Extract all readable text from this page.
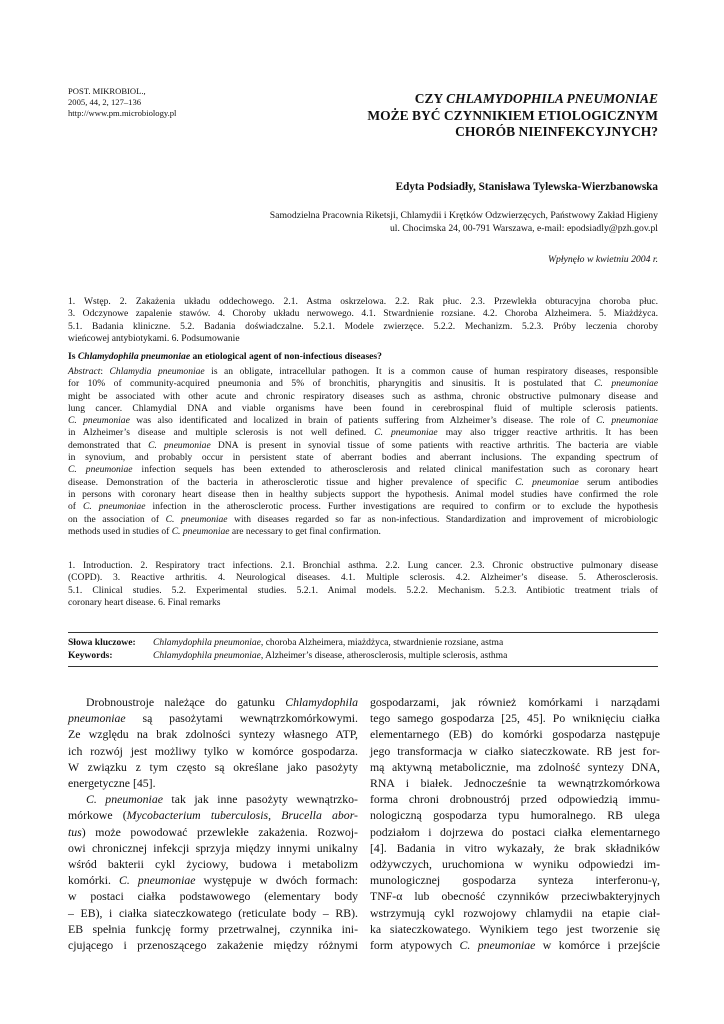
POST. MIKROBIOL.,
2005, 44, 2, 127–136
http://www.pm.microbiology.pl
CZY CHLAMYDOPHILA PNEUMONIAE
MOŻE BYĆ CZYNNIKIEM ETIOLOGICZNYM
CHORÓB NIEINFEKCYJNYCH?
Edyta Podsiadły, Stanisława Tylewska-Wierzbanowska
Samodzielna Pracownia Riketsji, Chlamydii i Krętków Odzwierzęcych, Państwowy Zakład Higieny
ul. Chocimska 24, 00-791 Warszawa, e-mail: epodsiadly@pzh.gov.pl
Wpłynęło w kwietniu 2004 r.
1. Wstęp. 2. Zakażenia układu oddechowego. 2.1. Astma oskrzelowa. 2.2. Rak płuc. 2.3. Przewlekła obturacyjna choroba płuc.
3. Odczynowe zapalenie stawów. 4. Choroby układu nerwowego. 4.1. Stwardnienie rozsiane. 4.2. Choroba Alzheimera. 5. Miażdżyca.
5.1. Badania kliniczne. 5.2. Badania doświadczalne. 5.2.1. Modele zwierzęce. 5.2.2. Mechanizm. 5.2.3. Próby leczenia choroby
wieńcowej antybiotykami. 6. Podsumowanie
Is Chlamydophila pneumoniae an etiological agent of non-infectious diseases?
Abstract: Chlamydia pneumoniae is an obligate, intracellular pathogen. It is a common cause of human respiratory diseases, responsible
for 10% of community-acquired pneumonia and 5% of bronchitis, pharyngitis and sinusitis. It is postulated that C. pneumoniae
might be associated with other acute and chronic respiratory diseases such as asthma, chronic obstructive pulmonary disease and
lung cancer. Chlamydial DNA and viable organisms have been found in cerebrospinal fluid of multiple sclerosis patients.
C. pneumoniae was also identificated and localized in brain of patients suffering from Alzheimer’s disease. The role of C. pneumoniae
in Alzheimer’s disease and multiple sclerosis is not well defined. C. pneumoniae may also trigger reactive arthritis. It has been
demonstrated that C. pneumoniae DNA is present in synovial tissue of some patients with reactive arthritis. The bacteria are viable
in synovium, and probably occur in persistent state of aberrant bodies and aberrant inclusions. The expanding spectrum of
C. pneumoniae infection sequels has been extended to atherosclerosis and related clinical manifestation such as coronary heart
disease. Demonstration of the bacteria in atherosclerotic tissue and higher prevalence of specific C. pneumoniae serum antibodies
in persons with coronary heart disease then in healthy subjects support the hypothesis. Animal model studies have confirmed the role
of C. pneumoniae infection in the atherosclerotic process. Further investigations are required to confirm or to exclude the hypothesis
on the association of C. pneumoniae with diseases regarded so far as non-infectious. Standardization and improvement of microbiologic
methods used in studies of C. pneumoniae are necessary to get final confirmation.
1. Introduction. 2. Respiratory tract infections. 2.1. Bronchial asthma. 2.2. Lung cancer. 2.3. Chronic obstructive pulmonary disease
(COPD). 3. Reactive arthritis. 4. Neurological diseases. 4.1. Multiple sclerosis. 4.2. Alzheimer’s disease. 5. Atherosclerosis.
5.1. Clinical studies. 5.2. Experimental studies. 5.2.1. Animal models. 5.2.2. Mechanism. 5.2.3. Antibiotic treatment trials of
coronary heart disease. 6. Final remarks
Słowa kluczowe: Chlamydophila pneumoniae, choroba Alzheimera, miażdżyca, stwardnienie rozsiane, astma
Keywords:	Chlamydophila pneumoniae, Alzheimer’s disease, atherosclerosis, multiple sclerosis, asthma
Drobnoustroje należące do gatunku Chlamydophila
pneumoniae są pasożytami wewnątrzkomórkowymi.
Ze względu na brak zdolności syntezy własnego ATP,
ich rozwój jest możliwy tylko w komórce gospodarza.
W związku z tym często są określane jako pasożyty
energetyczne [45].
C. pneumoniae tak jak inne pasożyty wewnątrzko-
mórkowe (Mycobacterium tuberculosis, Brucella abor-
tus) może powodować przewlekłe zakażenia. Rozwoj-
owi chronicznej infekcji sprzyja między innymi unikalny
wśród bakterii cykl życiowy, budowa i metabolizm
komórki. C. pneumoniae występuje w dwóch formach:
w postaci ciałka podstawowego (elementary body
– EB), i ciałka siateczkowatego (reticulate body – RB).
EB spełnia funkcję formy przetrwalnej, czynnika ini-
cjującego i przenoszącego zakażenie między różnymi
gospodarzami, jak również komórkami i narządami
tego samego gospodarza [25, 45]. Po wniknięciu ciałka
elementarnego (EB) do komórki gospodarza następuje
jego transformacja w ciałko siateczkowate. RB jest for-
mą aktywną metabolicznie, ma zdolność syntezy DNA,
RNA i białek. Jednocześnie ta wewnątrzkomórkowa
forma chroni drobnoustrój przed odpowiedzią immu-
nologiczną gospodarza typu humoralnego. RB ulega
podziałom i dojrzewa do postaci ciałka elementarnego
[4]. Badania in vitro wykazały, że brak składników
odżywczych, uruchomiona w wyniku odpowiedzi im-
munologicznej gospodarza synteza interferonu-γ,
TNF-α lub obecność czynników przeciwbakteryjnych
wstrzymują cykl rozwojowy chlamydii na etapie ciał-
ka siateczkowatego. Wynikiem tego jest tworzenie się
form atypowych C. pneumoniae w komórce i przejście
